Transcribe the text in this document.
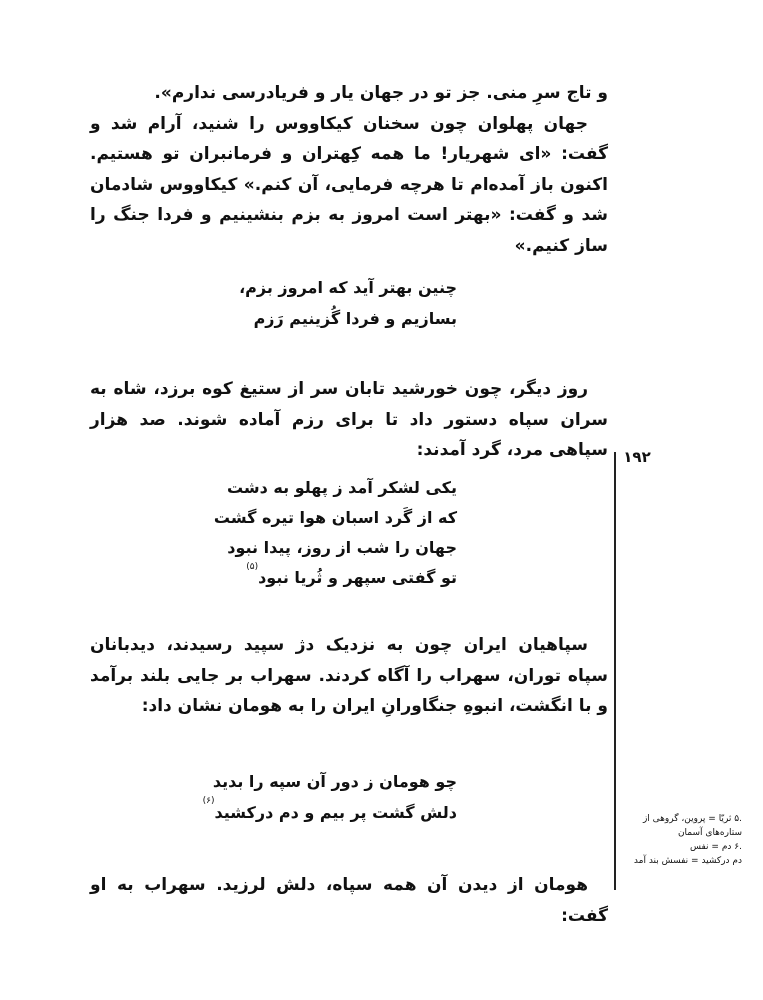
و تاج سرِ منی. جز تو در جهان یار و فریادرسی ندارم».

جهان پهلوان چون سخنان کیکاووس را شنید، آرام شد و گفت: «ای شهریار! ما همه کِهتران و فرمانبران تو هستیم. اکنون باز آمده‌ام تا هرچه فرمایی، آن کنم.» کیکاووس شادمان شد و گفت: «بهتر است امروز به بزم بنشینیم و فردا جنگ را ساز کنیم.»

چنین بهتر آید که امروز بزم،
بسازیم و فردا گُزینیم رَزم

روز دیگر، چون خورشید تابان سر از ستیغ کوه برزد، شاه به سران سپاه دستور داد تا برای رزم آماده شوند. صد هزار سپاهی مرد، گرد آمدند:

یکی لشکر آمد ز پهلو به دشت
که از گَرد اسبان هوا تیره گشت
جهان را شب از روز، پیدا نبود
تو گفتی سپهر و ثُریا نبود$^{(۵)}$

سپاهیان ایران چون به نزدیک دژ سپید رسیدند، دیدبانان سپاه توران، سهراب را آگاه کردند. سهراب بر جایی بلند برآمد و با انگشت، انبوهِ جنگاورانِ ایران را به هومان نشان داد:

چو هومان ز دور آن سپه را بدید
دلش گشت پر بیم و دم درکشید$^{(۶)}$

هومان از دیدن آن همه سپاه، دلش لرزید. سهراب به او گفت:

۱۹۲
.۵ ثریّا = پروین، گروهی از
ستاره‌های آسمان
.۶ دم = نفس
دم درکشید = نفسش بند آمد
